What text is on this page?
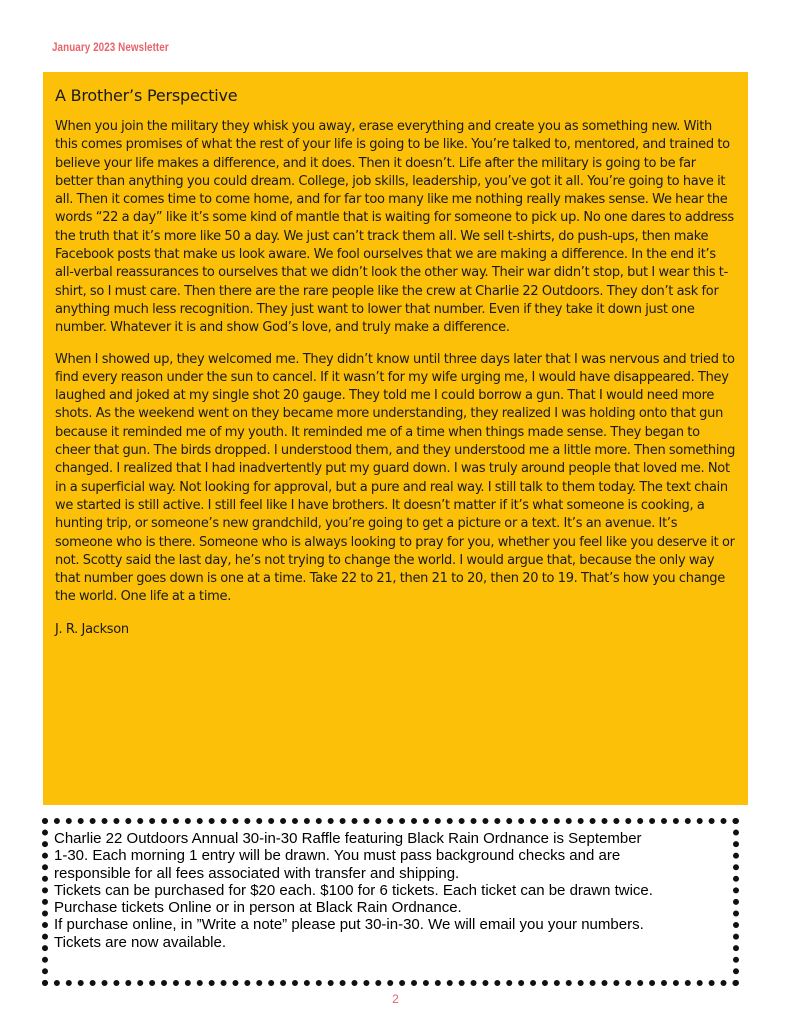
January 2023 Newsletter
A Brother’s Perspective

When you join the military they whisk you away, erase everything and create you as something new. With this comes promises of what the rest of your life is going to be like. You’re talked to, mentored, and trained to believe your life makes a difference, and it does. Then it doesn’t. Life after the military is going to be far better than anything you could dream. College, job skills, leadership, you’ve got it all. You’re going to have it all. Then it comes time to come home, and for far too many like me nothing really makes sense. We hear the words “22 a day” like it’s some kind of mantle that is waiting for someone to pick up. No one dares to address the truth that it’s more like 50 a day. We just can’t track them all. We sell t-shirts, do push-ups, then make Facebook posts that make us look aware. We fool ourselves that we are making a difference. In the end it’s all-verbal reassurances to ourselves that we didn’t look the other way. Their war didn’t stop, but I wear this t-shirt, so I must care. Then there are the rare people like the crew at Charlie 22 Outdoors. They don’t ask for anything much less recognition. They just want to lower that number. Even if they take it down just one number. Whatever it is and show God’s love, and truly make a difference.

When I showed up, they welcomed me. They didn’t know until three days later that I was nervous and tried to find every reason under the sun to cancel. If it wasn’t for my wife urging me, I would have disappeared. They laughed and joked at my single shot 20 gauge. They told me I could borrow a gun. That I would need more shots. As the weekend went on they became more understanding, they realized I was holding onto that gun because it reminded me of my youth. It reminded me of a time when things made sense. They began to cheer that gun. The birds dropped. I understood them, and they understood me a little more. Then something changed. I realized that I had inadvertently put my guard down. I was truly around people that loved me. Not in a superficial way. Not looking for approval, but a pure and real way. I still talk to them today. The text chain we started is still active. I still feel like I have brothers. It doesn’t matter if it’s what someone is cooking, a hunting trip, or someone’s new grandchild, you’re going to get a picture or a text. It’s an avenue. It’s someone who is there. Someone who is always looking to pray for you, whether you feel like you deserve it or not. Scotty said the last day, he’s not trying to change the world. I would argue that, because the only way that number goes down is one at a time. Take 22 to 21, then 21 to 20, then 20 to 19. That’s how you change the world. One life at a time.

J. R. Jackson

Charlie 22 Outdoors Annual 30-in-30 Raffle featuring Black Rain Ordnance is September
1-30. Each morning 1 entry will be drawn. You must pass background checks and are
responsible for all fees associated with transfer and shipping.
Tickets can be purchased for $20 each. $100 for 6 tickets. Each ticket can be drawn twice.
Purchase tickets Online or in person at Black Rain Ordnance.
If purchase online, in ”Write a note” please put 30-in-30. We will email you your numbers.
Tickets are now available.
2
